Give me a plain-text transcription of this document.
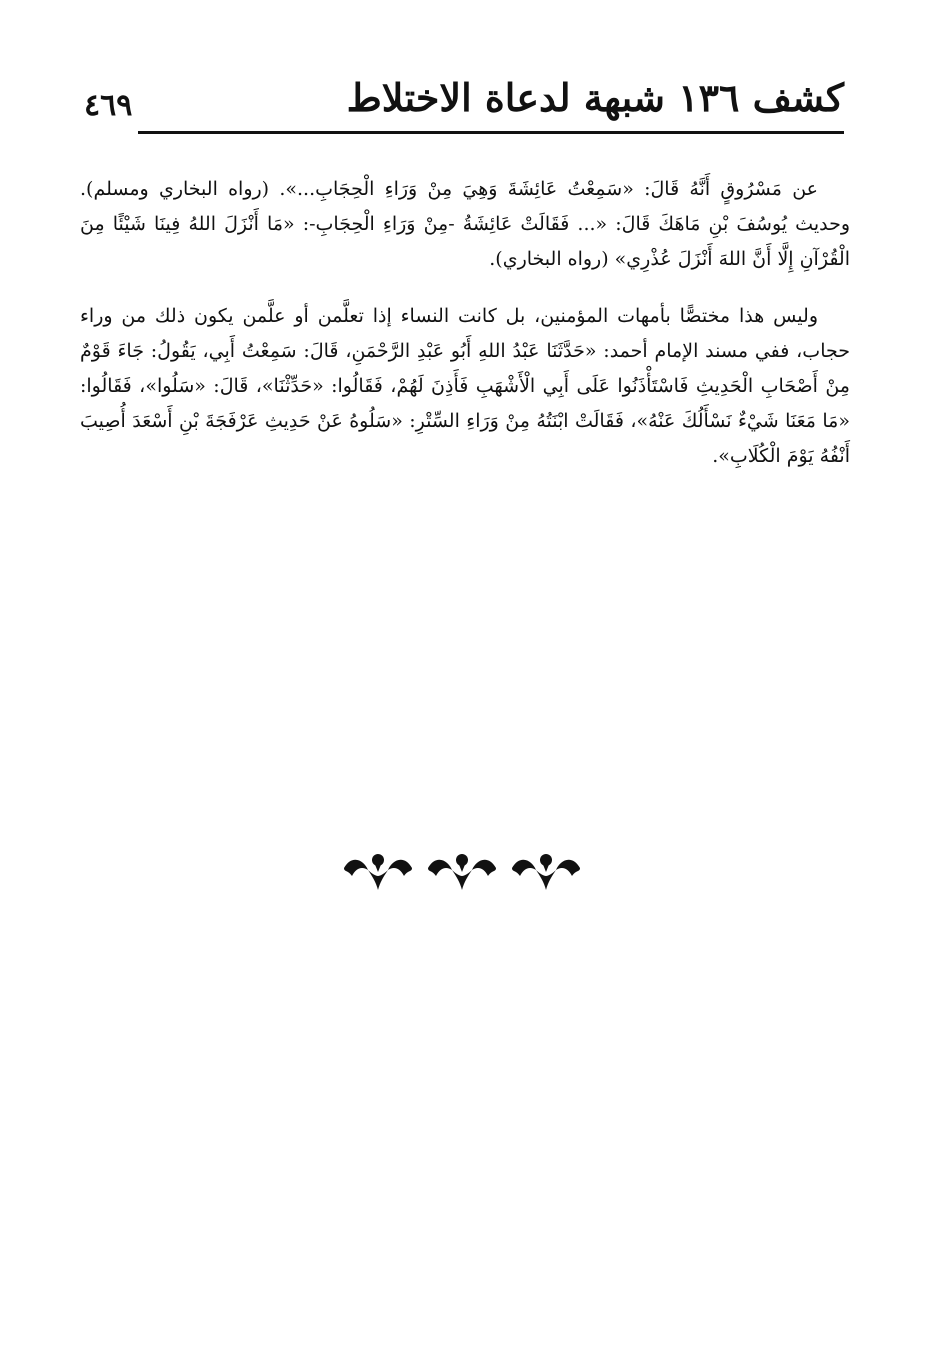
كشف ١٣٦ شبهة لدعاة الاختلاط
٤٦٩

عن مَسْرُوقٍ أَنَّهُ قَالَ: «سَمِعْتُ عَائِشَةَ وَهِيَ مِنْ وَرَاءِ الْحِجَابِ...». (رواه البخاري ومسلم). وحديث يُوسُفَ بْنِ مَاهَكَ قَالَ: «... فَقَالَتْ عَائِشَةُ -مِنْ وَرَاءِ الْحِجَابِ-: «مَا أَنْزَلَ اللهُ فِينَا شَيْئًا مِنَ الْقُرْآنِ إِلَّا أَنَّ اللهَ أَنْزَلَ عُذْرِي» (رواه البخاري).

وليس هذا مختصًّا بأمهات المؤمنين، بل كانت النساء إذا تعلَّمن أو علَّمن يكون ذلك من وراء حجاب، ففي مسند الإمام أحمد: «حَدَّثَنَا عَبْدُ اللهِ أَبُو عَبْدِ الرَّحْمَنِ، قَالَ: سَمِعْتُ أَبِي، يَقُولُ: جَاءَ قَوْمٌ مِنْ أَصْحَابِ الْحَدِيثِ فَاسْتَأْذَنُوا عَلَى أَبِي الْأَشْهَبِ فَأَذِنَ لَهُمْ، فَقَالُوا: «حَدِّثْنَا»، قَالَ: «سَلُوا»، فَقَالُوا: «مَا مَعَنَا شَيْءٌ نَسْأَلُكَ عَنْهُ»، فَقَالَتْ ابْنَتُهُ مِنْ وَرَاءِ السِّتْرِ: «سَلُوهُ عَنْ حَدِيثِ عَرْفَجَةَ بْنِ أَسْعَدَ أُصِيبَ أَنْفُهُ يَوْمَ الْكُلَابِ».
